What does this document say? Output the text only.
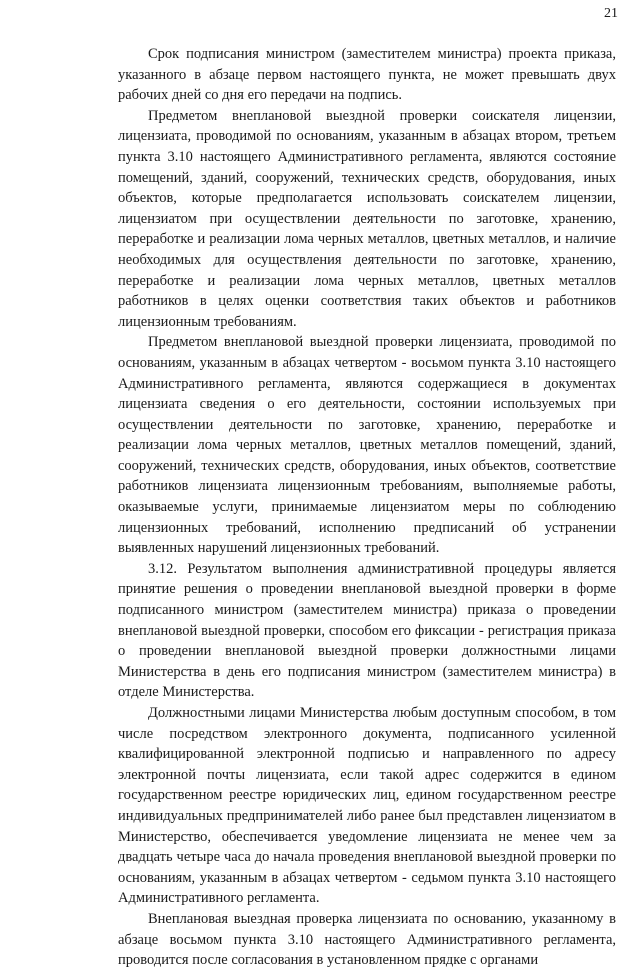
21

Срок подписания министром (заместителем министра) проекта приказа, указанного в абзаце первом настоящего пункта, не может превышать двух рабочих дней со дня его передачи на подпись.

Предметом внеплановой выездной проверки соискателя лицензии, лицензиата, проводимой по основаниям, указанным в абзацах втором, третьем пункта 3.10 настоящего Административного регламента, являются состояние помещений, зданий, сооружений, технических средств, оборудования, иных объектов, которые предполагается использовать соискателем лицензии, лицензиатом при осуществлении деятельности по заготовке, хранению, переработке и реализации лома черных металлов, цветных металлов, и наличие необходимых для осуществления деятельности по заготовке, хранению, переработке и реализации лома черных металлов, цветных металлов работников в целях оценки соответствия таких объектов и работников лицензионным требованиям.

Предметом внеплановой выездной проверки лицензиата, проводимой по основаниям, указанным в абзацах четвертом - восьмом пункта 3.10 настоящего Административного регламента, являются содержащиеся в документах лицензиата сведения о его деятельности, состоянии используемых при осуществлении деятельности по заготовке, хранению, переработке и реализации лома черных металлов, цветных металлов помещений, зданий, сооружений, технических средств, оборудования, иных объектов, соответствие работников лицензиата лицензионным требованиям, выполняемые работы, оказываемые услуги, принимаемые лицензиатом меры по соблюдению лицензионных требований, исполнению предписаний об устранении выявленных нарушений лицензионных требований.

3.12. Результатом выполнения административной процедуры является принятие решения о проведении внеплановой выездной проверки в форме подписанного министром (заместителем министра) приказа о проведении внеплановой выездной проверки, способом его фиксации - регистрация приказа о проведении внеплановой выездной проверки должностными лицами Министерства в день его подписания министром (заместителем министра) в отделе Министерства.

Должностными лицами Министерства любым доступным способом, в том числе посредством электронного документа, подписанного усиленной квалифицированной электронной подписью и направленного по адресу электронной почты лицензиата, если такой адрес содержится в едином государственном реестре юридических лиц, едином государственном реестре индивидуальных предпринимателей либо ранее был представлен лицензиатом в Министерство, обеспечивается уведомление лицензиата не менее чем за двадцать четыре часа до начала проведения внеплановой выездной проверки по основаниям, указанным в абзацах четвертом - седьмом пункта 3.10 настоящего Административного регламента.

Внеплановая выездная проверка лицензиата по основанию, указанному в абзаце восьмом пункта 3.10 настоящего Административного регламента, проводится после согласования в установленном прядке с органами
